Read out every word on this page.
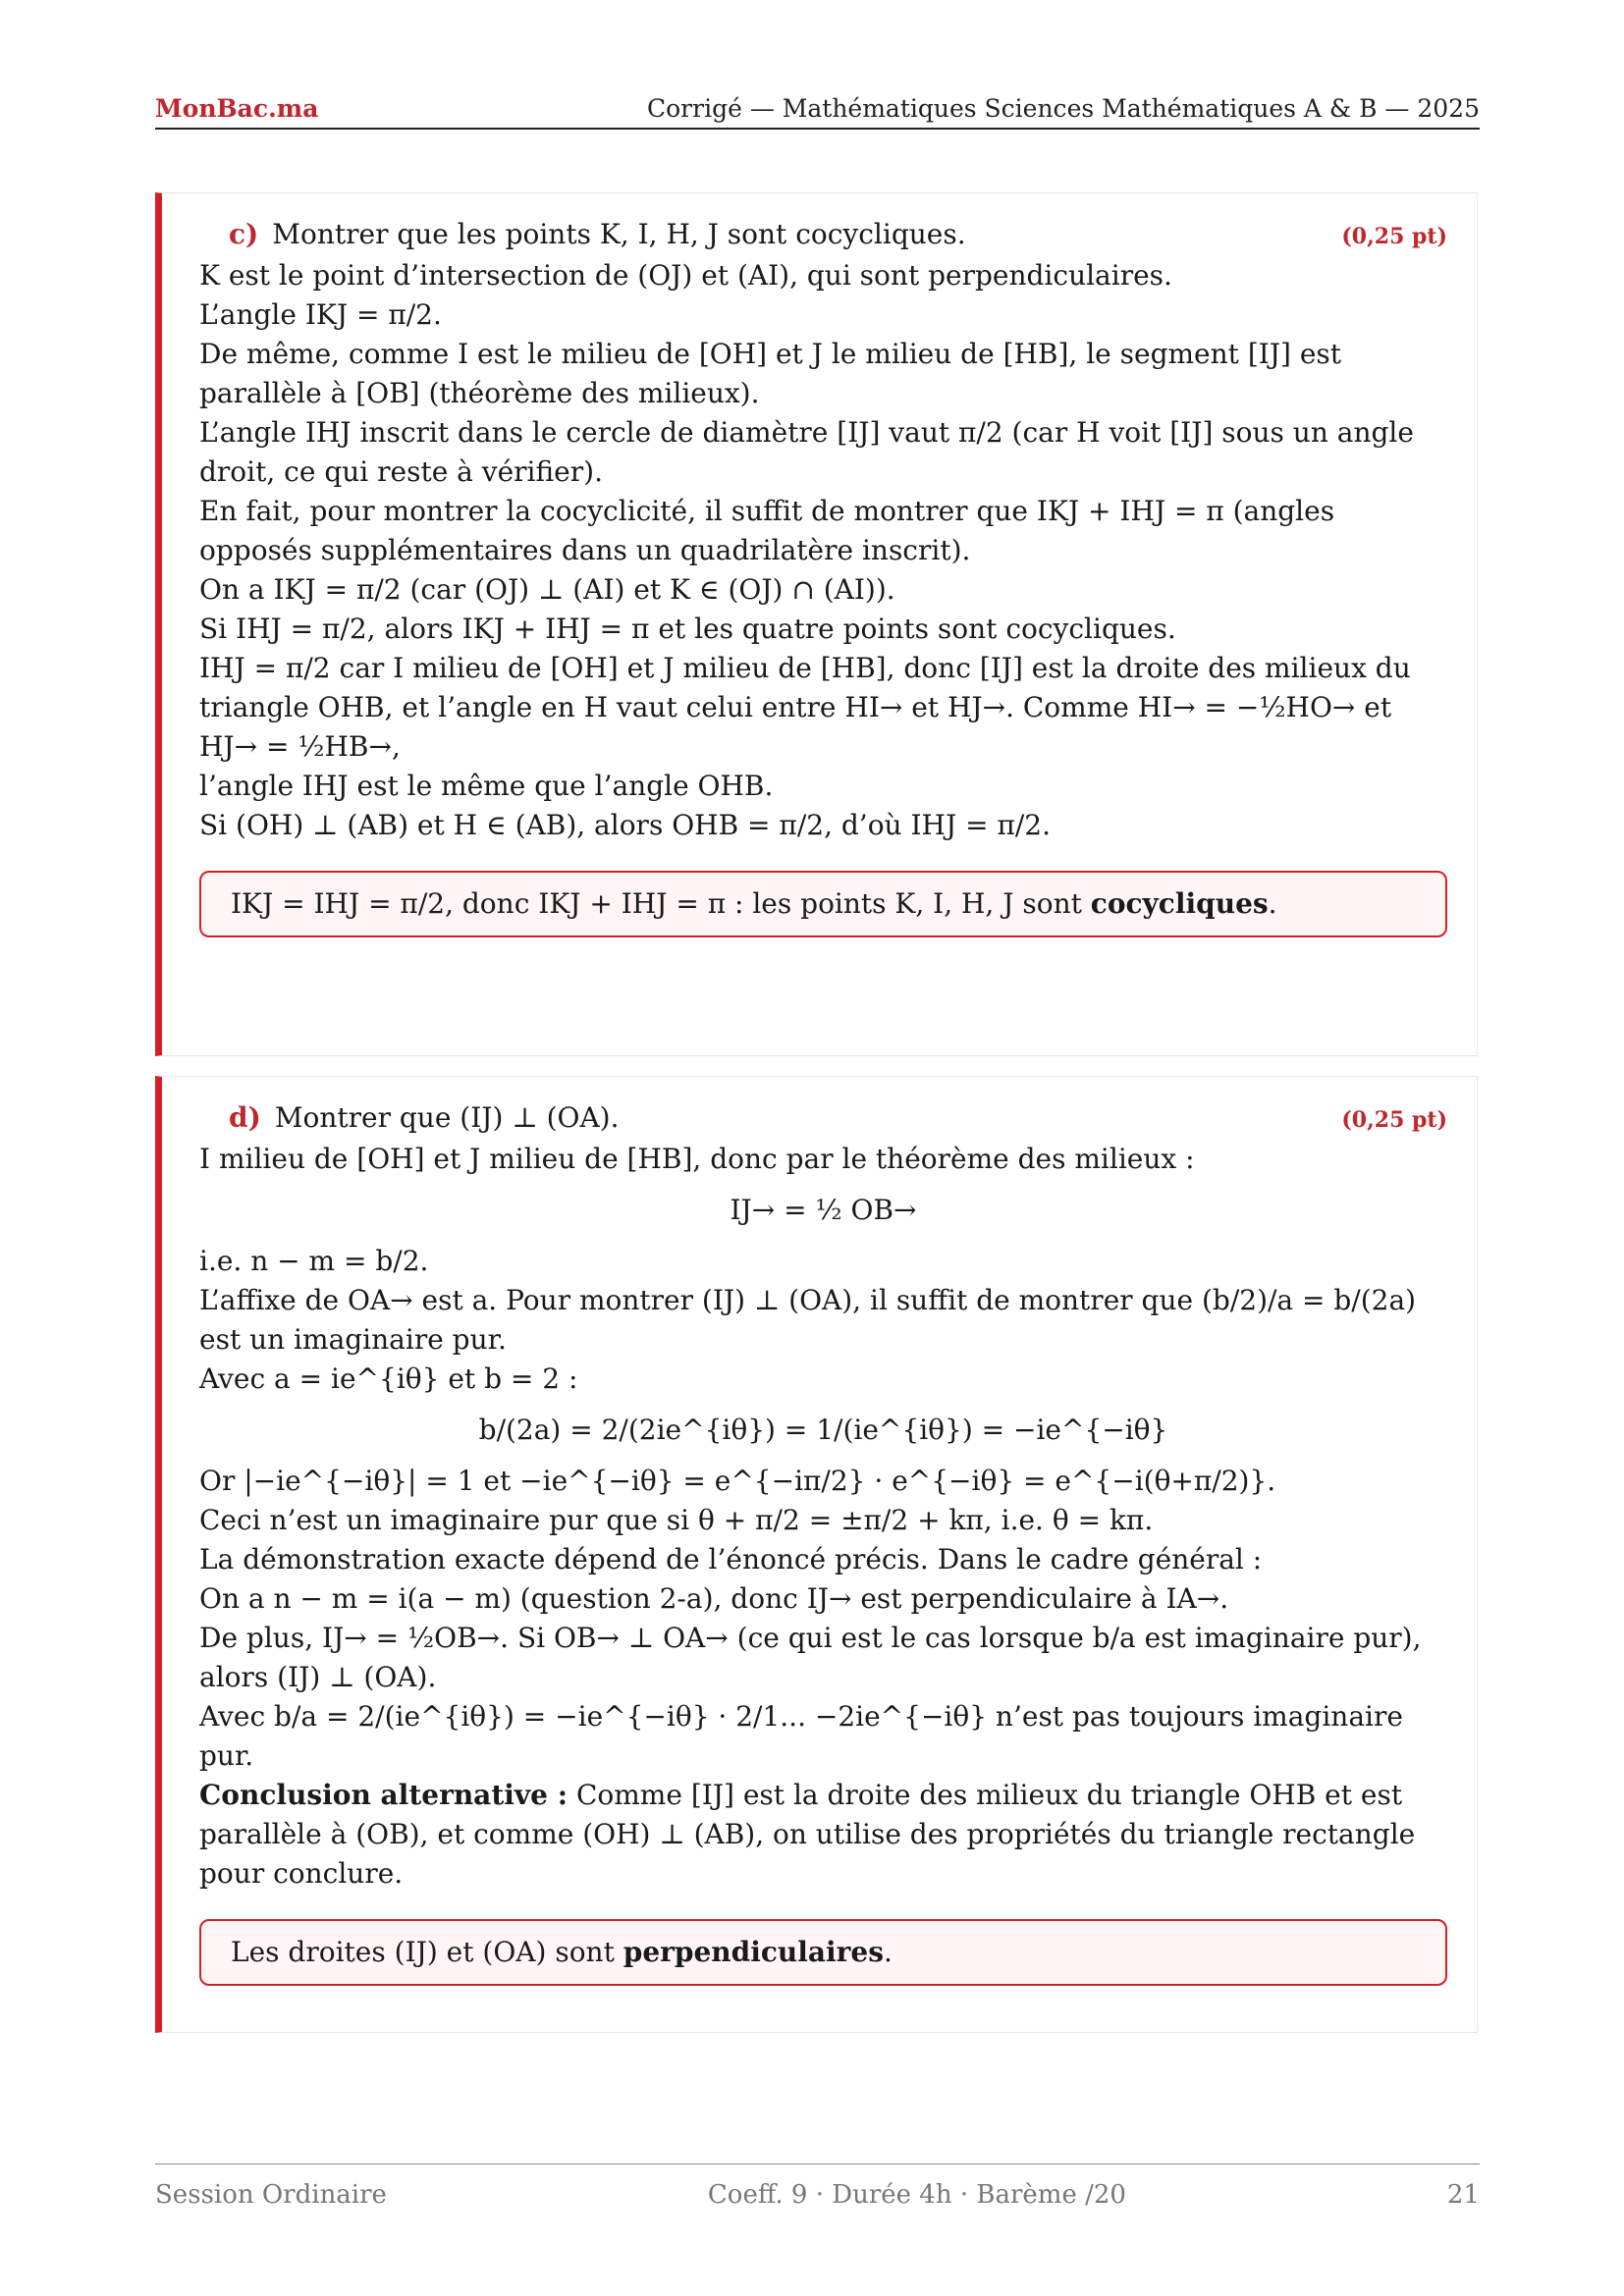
MonBac.ma	Corrigé — Mathématiques Sciences Mathématiques A & B — 2025
c) Montrer que les points K, I, H, J sont cocycliques.	(0,25 pt)

K est le point d’intersection de (OJ) et (AI), qui sont perpendiculaires.

L’angle IKJ = π/2.

De même, comme I est le milieu de [OH] et J le milieu de [HB], le segment [IJ] est parallèle à [OB] (théorème des milieux).

L’angle IHJ inscrit dans le cercle de diamètre [IJ] vaut π/2 (car H voit [IJ] sous un angle droit, ce qui reste à vérifier).

En fait, pour montrer la cocyclicité, il suffit de montrer que IKJ + IHJ = π (angles opposés supplémentaires dans un quadrilatère inscrit).

On a IKJ = π/2 (car (OJ) ⊥ (AI) et K ∈ (OJ) ∩ (AI)).

Si IHJ = π/2, alors IKJ + IHJ = π et les quatre points sont cocycliques.

IHJ = π/2 car I milieu de [OH] et J milieu de [HB], donc [IJ] est la droite des milieux du triangle OHB, et l’angle en H vaut celui entre HI→ et HJ→. Comme HI→ = −½HO→ et HJ→ = ½HB→,

l’angle IHJ est le même que l’angle OHB.

Si (OH) ⊥ (AB) et H ∈ (AB), alors OHB = π/2, d’où IHJ = π/2.

IKJ = IHJ = π/2, donc IKJ + IHJ = π : les points K, I, H, J sont cocycliques.
d) Montrer que (IJ) ⊥ (OA).	(0,25 pt)

I milieu de [OH] et J milieu de [HB], donc par le théorème des milieux :

IJ→ = ½ OB→

i.e. n − m = b/2.

L’affixe de OA→ est a. Pour montrer (IJ) ⊥ (OA), il suffit de montrer que (b/2)/a = b/(2a) est un imaginaire pur.

Avec a = ie^{iθ} et b = 2 :

b/(2a) = 2/(2ie^{iθ}) = 1/(ie^{iθ}) = −ie^{−iθ}

Or |−ie^{−iθ}| = 1 et −ie^{−iθ} = e^{−iπ/2} · e^{−iθ} = e^{−i(θ+π/2)}.

Ceci n’est un imaginaire pur que si θ + π/2 = ±π/2 + kπ, i.e. θ = kπ.

La démonstration exacte dépend de l’énoncé précis. Dans le cadre général :

On a n − m = i(a − m) (question 2-a), donc IJ→ est perpendiculaire à IA→.

De plus, IJ→ = ½OB→. Si OB→ ⊥ OA→ (ce qui est le cas lorsque b/a est imaginaire pur), alors (IJ) ⊥ (OA).

Avec b/a = 2/(ie^{iθ}) = −ie^{−iθ} · 2/1... −2ie^{−iθ} n’est pas toujours imaginaire pur.

Conclusion alternative : Comme [IJ] est la droite des milieux du triangle OHB et est parallèle à (OB), et comme (OH) ⊥ (AB), on utilise des propriétés du triangle rectangle pour conclure.

Les droites (IJ) et (OA) sont perpendiculaires.
Session Ordinaire	Coeff. 9 · Durée 4h · Barème /20	21
